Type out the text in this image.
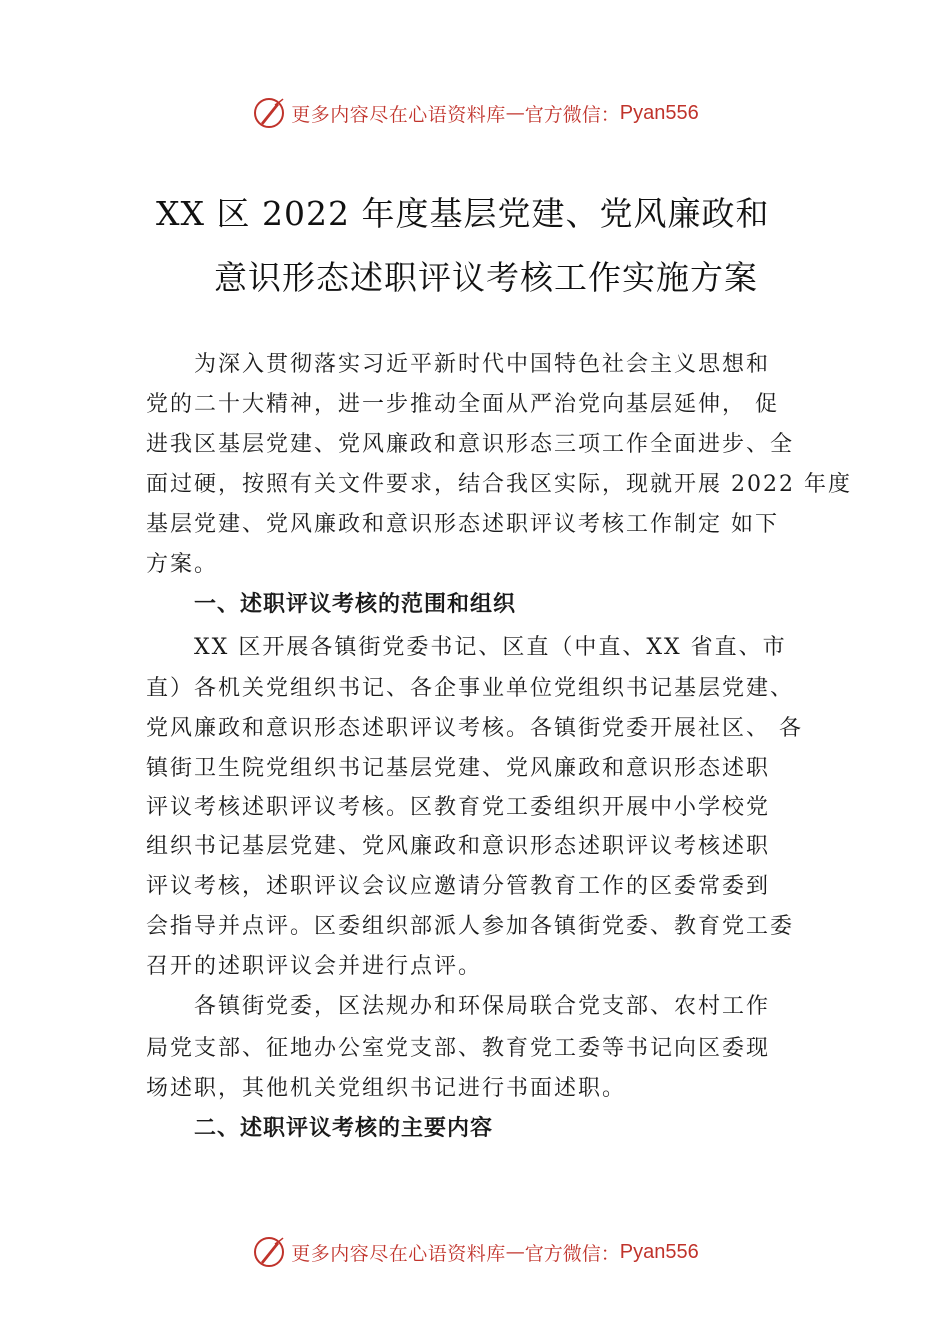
更多内容尽在心语资料库 — 官方微信： Pyan556
XX 区 2022 年度基层党建、党风廉政和
意识形态述职评议考核工作实施方案
为深入贯彻落实习近平新时代中国特色社会主义思想和
党的二十大精神，进一步推动全面从严治党向基层延伸， 促
进我区基层党建、党风廉政和意识形态三项工作全面进步、全
面过硬，按照有关文件要求，结合我区实际，现就开展 2022 年度
基层党建、党风廉政和意识形态述职评议考核工作制定 如下
方案。
一、述职评议考核的范围和组织
XX 区开展各镇街党委书记、区直（中直、XX 省直、市
直）各机关党组织书记、各企事业单位党组织书记基层党建、
党风廉政和意识形态述职评议考核。各镇街党委开展社区、 各
镇街卫生院党组织书记基层党建、党风廉政和意识形态述职
评议考核述职评议考核。区教育党工委组织开展中小学校党
组织书记基层党建、党风廉政和意识形态述职评议考核述职
评议考核，述职评议会议应邀请分管教育工作的区委常委到
会指导并点评。区委组织部派人参加各镇街党委、教育党工委
召开的述职评议会并进行点评。
各镇街党委，区法规办和环保局联合党支部、农村工作
局党支部、征地办公室党支部、教育党工委等书记向区委现
场述职，其他机关党组织书记进行书面述职。
二、述职评议考核的主要内容
更多内容尽在心语资料库 — 官方微信： Pyan556
